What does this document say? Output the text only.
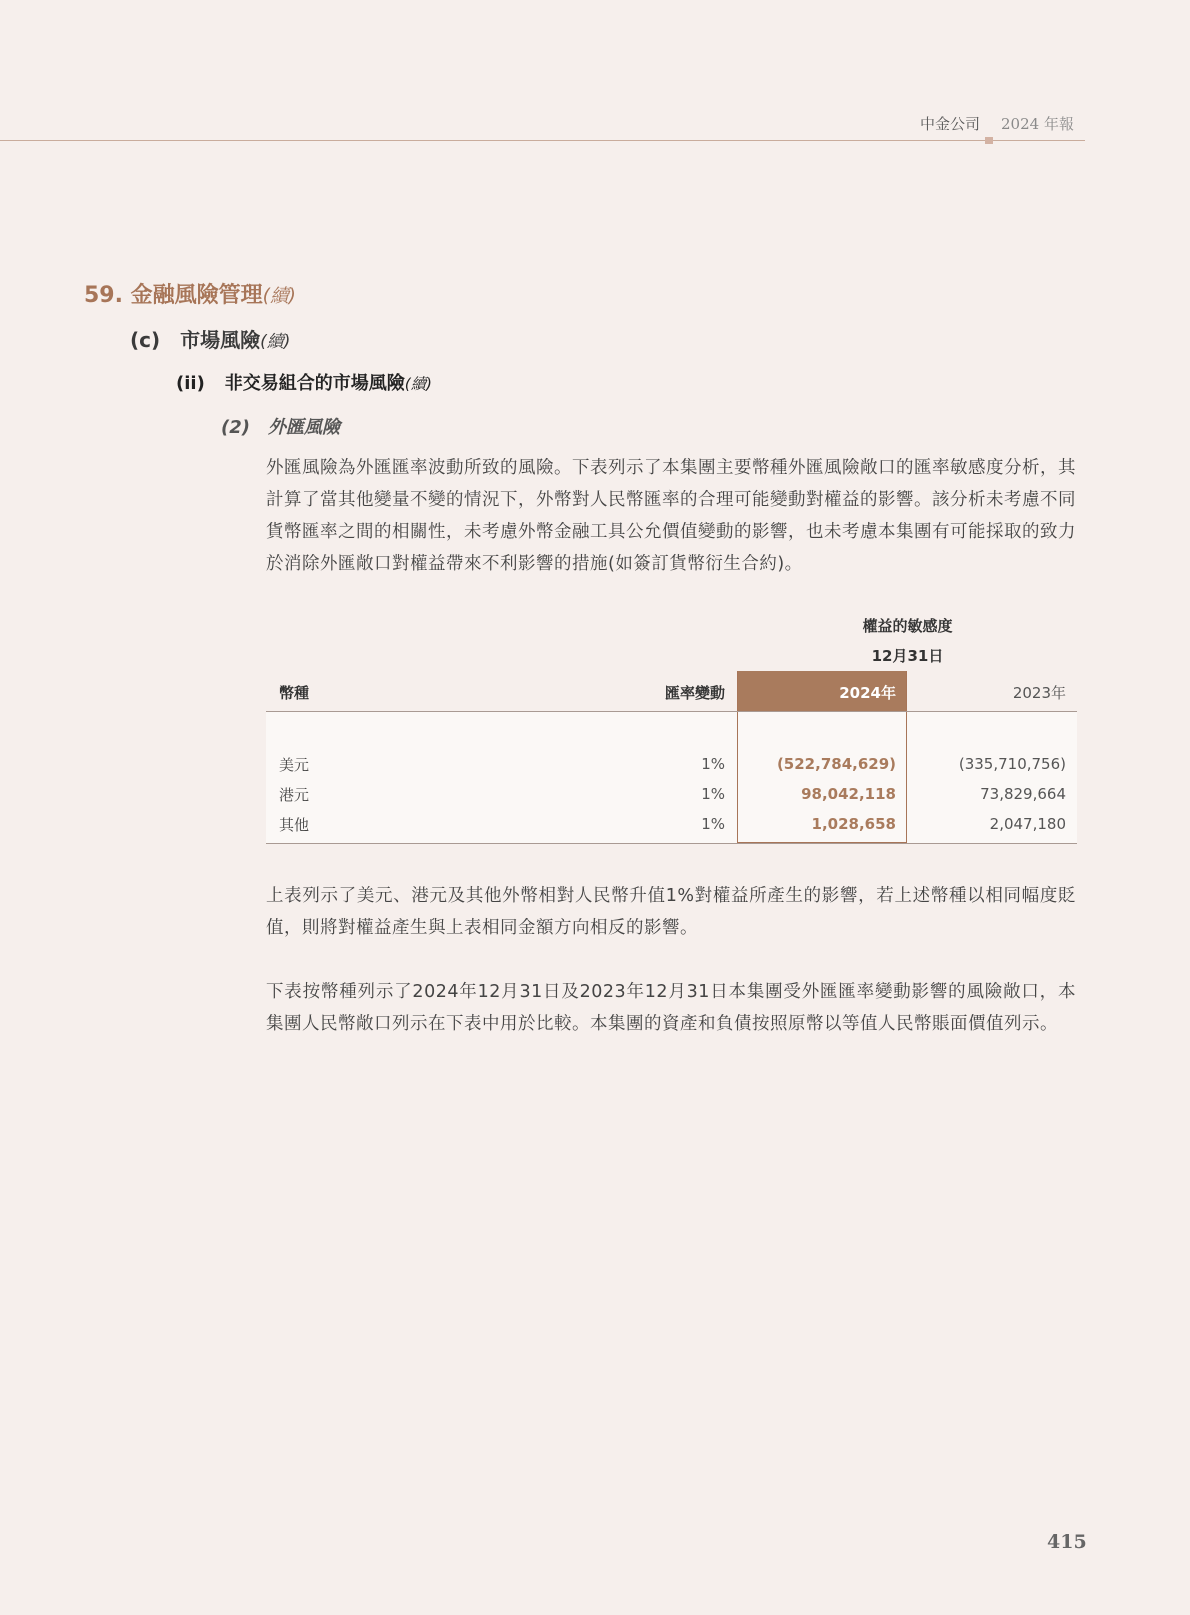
中金公司 2024 年報
59. 金融風險管理(續)
(c) 市場風險(續)
(ii) 非交易組合的市場風險(續)
(2) 外匯風險
外匯風險為外匯匯率波動所致的風險。下表列示了本集團主要幣種外匯風險敞口的匯率敏感度分析，其計算了當其他變量不變的情況下，外幣對人民幣匯率的合理可能變動對權益的影響。該分析未考慮不同貨幣匯率之間的相關性，未考慮外幣金融工具公允價值變動的影響，也未考慮本集團有可能採取的致力於消除外匯敞口對權益帶來不利影響的措施(如簽訂貨幣衍生合約)。
權益的敏感度
12月31日
幣種	匯率變動	2024年	2023年
美元	1%	(522,784,629)	(335,710,756)
港元	1%	98,042,118	73,829,664
其他	1%	1,028,658	2,047,180
上表列示了美元、港元及其他外幣相對人民幣升值1%對權益所產生的影響，若上述幣種以相同幅度貶值，則將對權益產生與上表相同金額方向相反的影響。
下表按幣種列示了2024年12月31日及2023年12月31日本集團受外匯匯率變動影響的風險敞口，本集團人民幣敞口列示在下表中用於比較。本集團的資產和負債按照原幣以等值人民幣賬面價值列示。
415
